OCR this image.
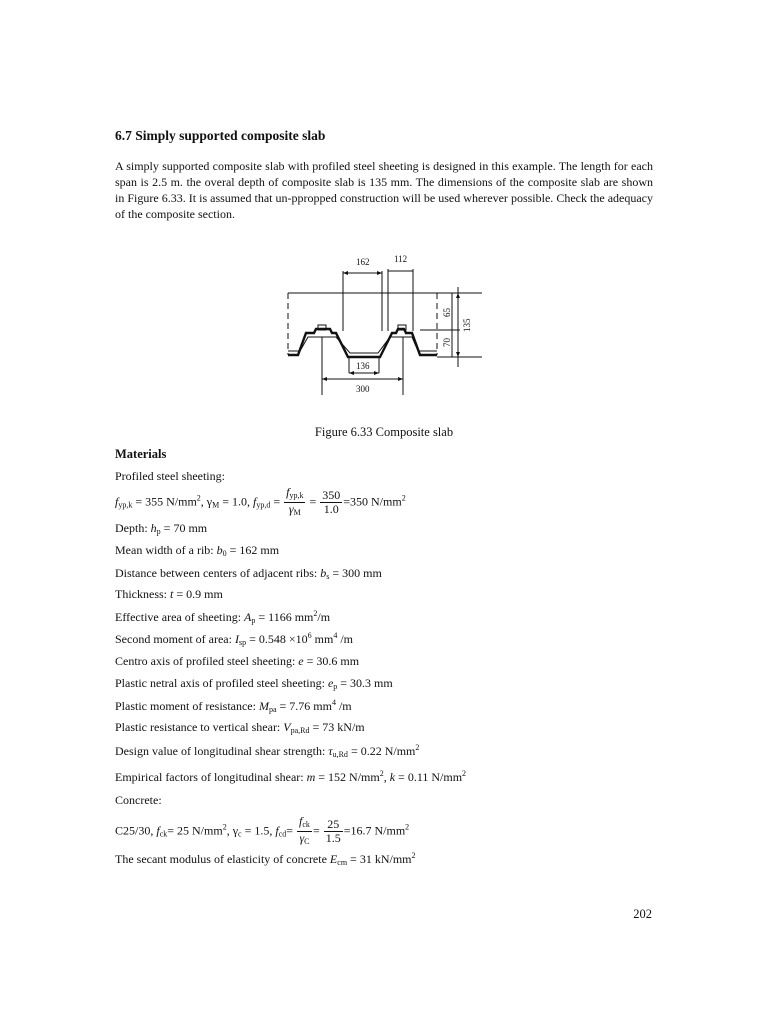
6.7 Simply supported composite slab

A simply supported composite slab with profiled steel sheeting is designed in this example. The length for each span is 2.5 m. the overal depth of composite slab is 135 mm. The dimensions of the composite slab are shown in Figure 6.33. It is assumed that un-ppropped construction will be used wherever possible. Check the adequacy of the composite section.

162	112
136
300
65
70
135

Figure 6.33 Composite slab

Materials
Profiled steel sheeting:
$f_{yp,k} = 355$ $N/mm^2$, $\gamma_M = 1.0$, $f_{yp,d} = \frac{f_{yp,k}}{\gamma_M} = \frac{350}{1.0} =350$ $N/mm^2$
Depth: $h_p = 70$ mm
Mean width of a rib: $b_0 = 162$ mm
Distance between centers of adjacent ribs: $b_s = 300$ mm
Thickness: t = 0.9 mm
Effective area of sheeting: $A_p = 1166$ $mm^2/m$
Second moment of area: $I_{sp} = 0.548 \times 10^6$ $mm^4$ /m
Centro axis of profiled steel sheeting: e = 30.6 mm
Plastic netral axis of profiled steel sheeting: $e_p = 30.3$ mm
Plastic moment of resistance: $M_{pa} = 7.76$ $mm^4$ /m
Plastic resistance to vertical shear: $V_{pa,Rd} = 73$ kN/m
Design value of longitudinal shear strength: $\tau_{u,Rd} = 0.22$ $N/mm^2$
Empirical factors of longitudinal shear: m = 152 $N/mm^2$, k = 0.11 $N/mm^2$
Concrete:
C25/30, $f_{ck}= 25$ $N/mm^2$, $\gamma_c = 1.5$, $f_{cd}= \frac{f_{ck}}{\gamma_C} = \frac{25}{1.5} =16.7$ $N/mm^2$
The secant modulus of elasticity of concrete $E_{cm} = 31$ $kN/mm^2$
202
